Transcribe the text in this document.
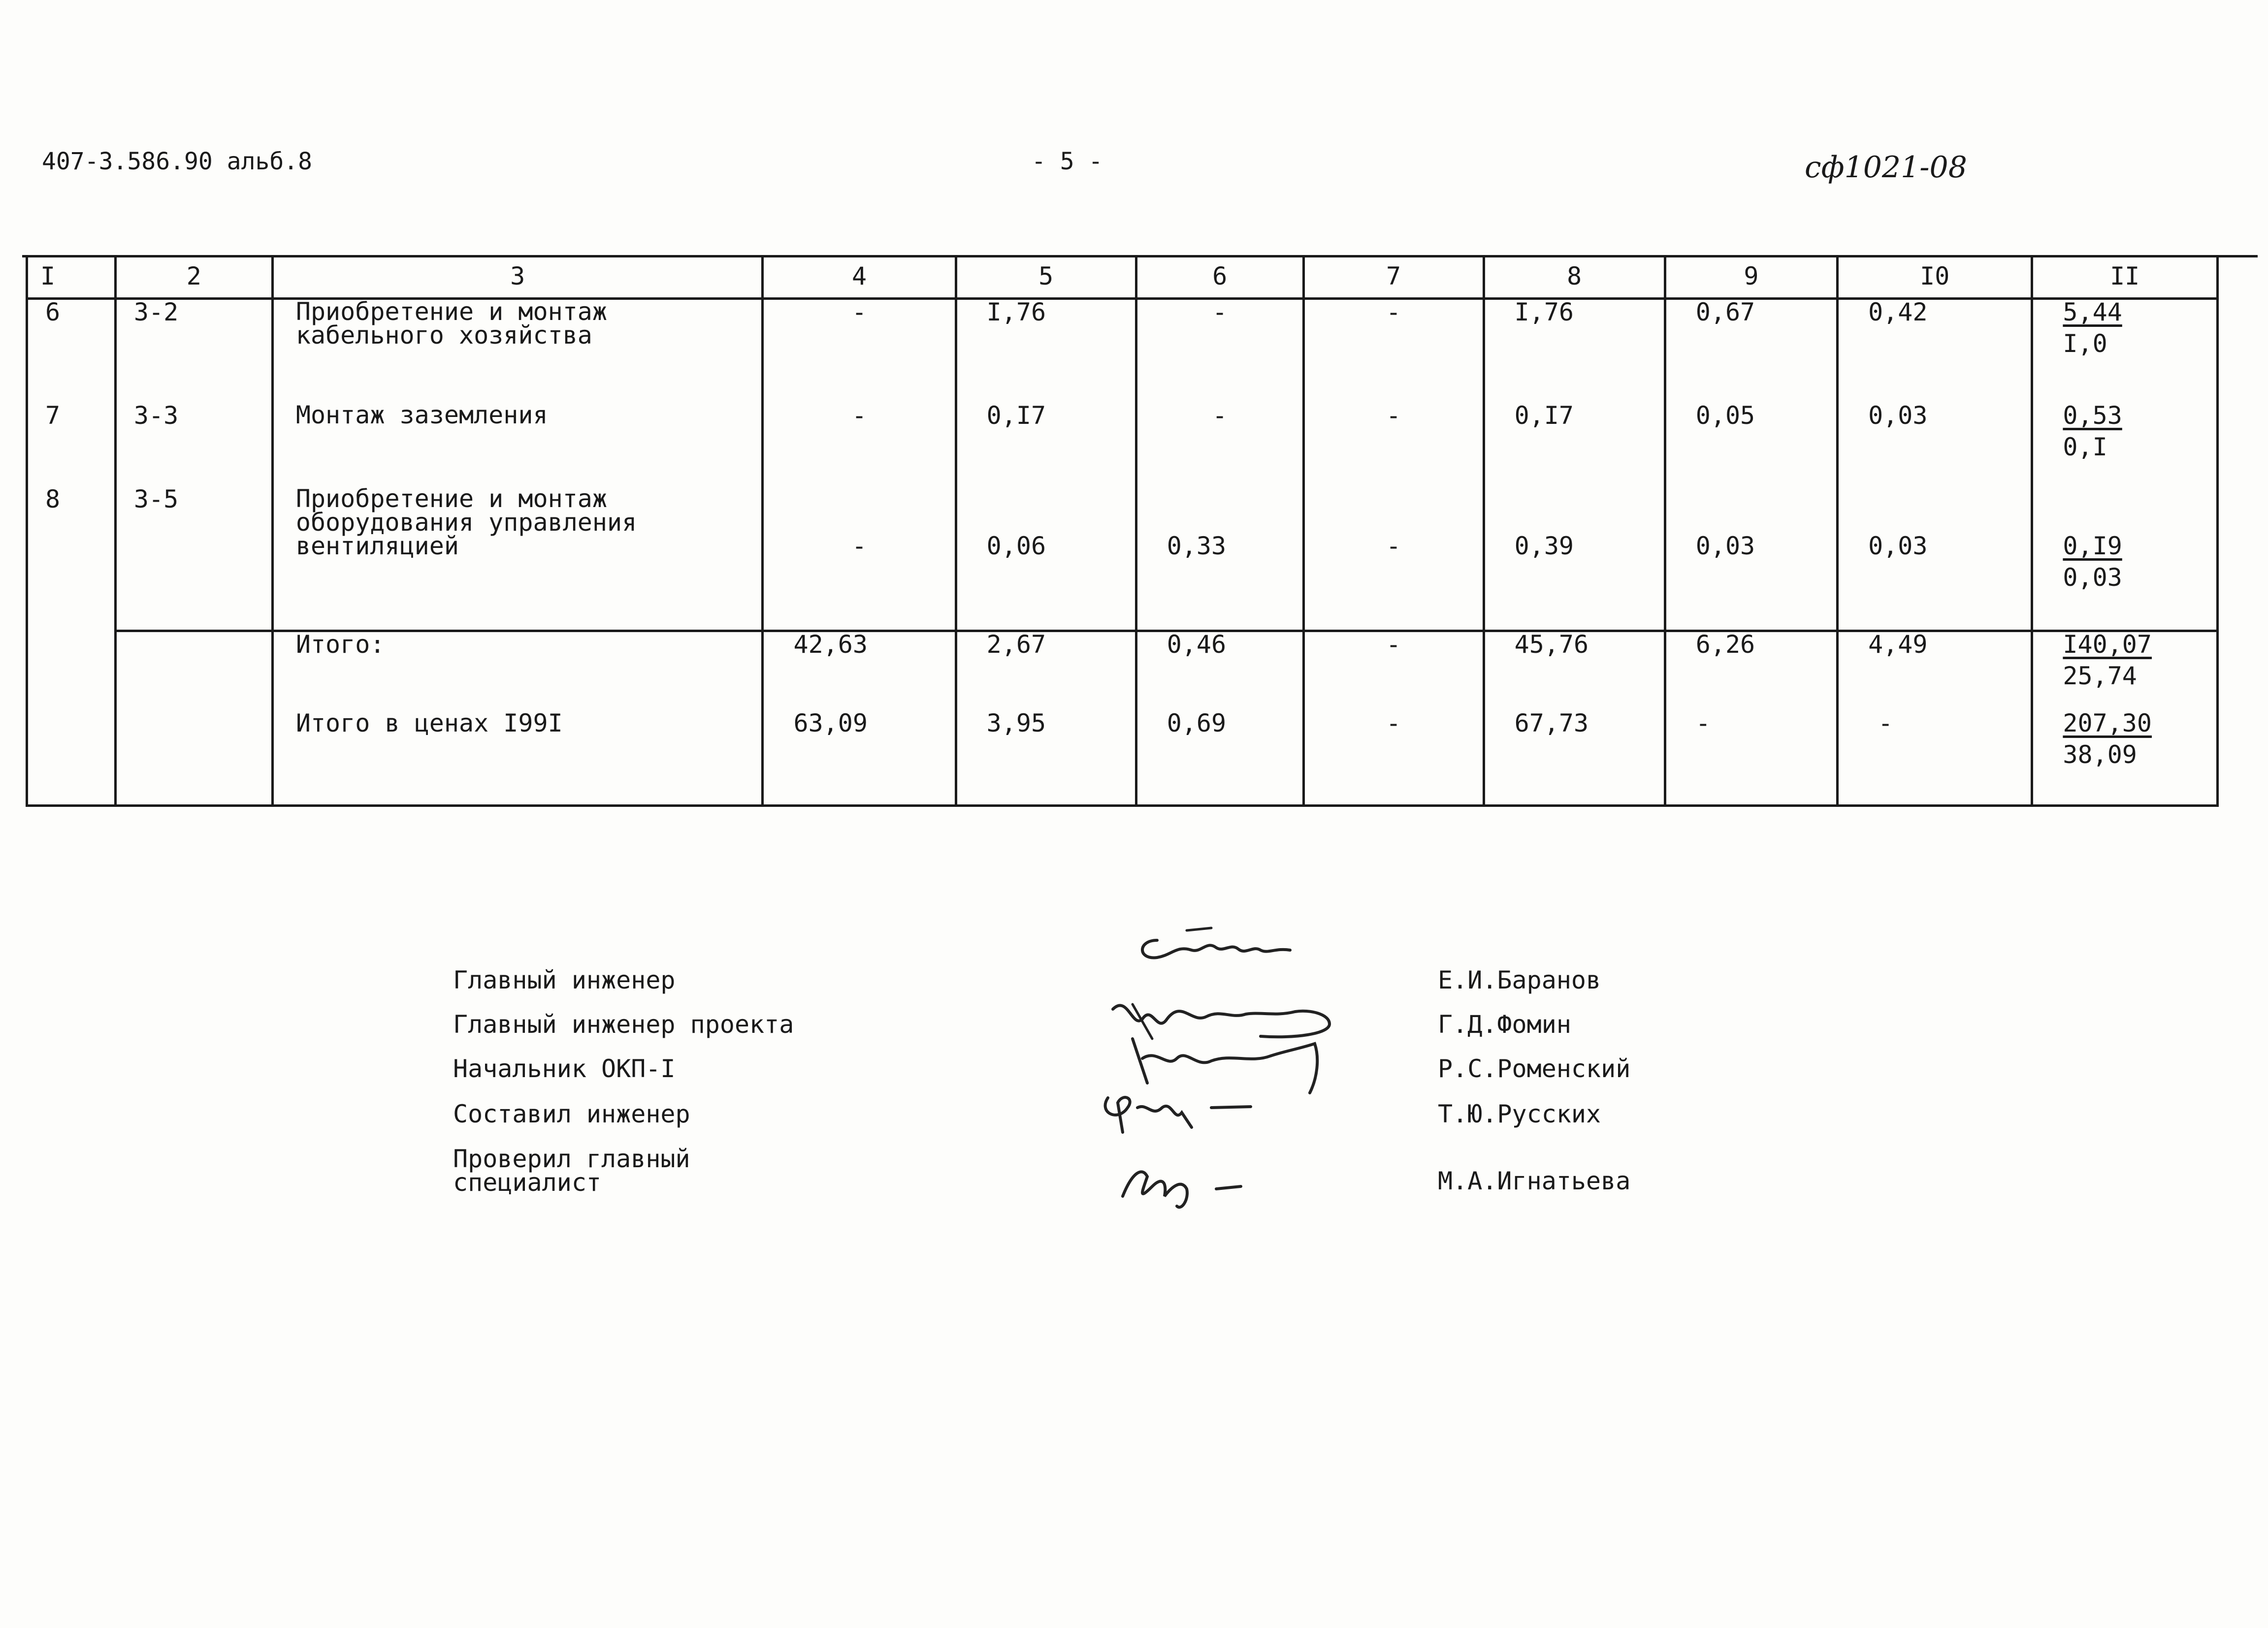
407-3.586.90 альб.8	- 5 -	сф1021-08
I	2	3	4	5	6	7	8	9	I0	II
6	3-2	Приобретение и монтаж кабельного хозяйства	-	I,76	-	-	I,76	0,67	0,42	5,44
I,0

7	3-3	Монтаж заземления	-	0,I7	-	-	0,I7	0,05	0,03	0,53
0,I

8	3-5	Приобретение и монтаж оборудования управления вентиляцией	-	0,06	0,33	-	0,39	0,03	0,03	0,I9
0,03

		Итого:	42,63	2,67	0,46	-	45,76	6,26	4,49	I40,07
25,74

		Итого в ценах I99I	63,09	3,95	0,69	-	67,73	-	-	207,30
38,09
Главный инженер	Е.И.Баранов
Главный инженер проекта	Г.Д.Фомин
Начальник ОКП-I	Р.С.Роменский
Составил инженер	Т.Ю.Русских
Проверил главный специалист	М.А.Игнатьева
